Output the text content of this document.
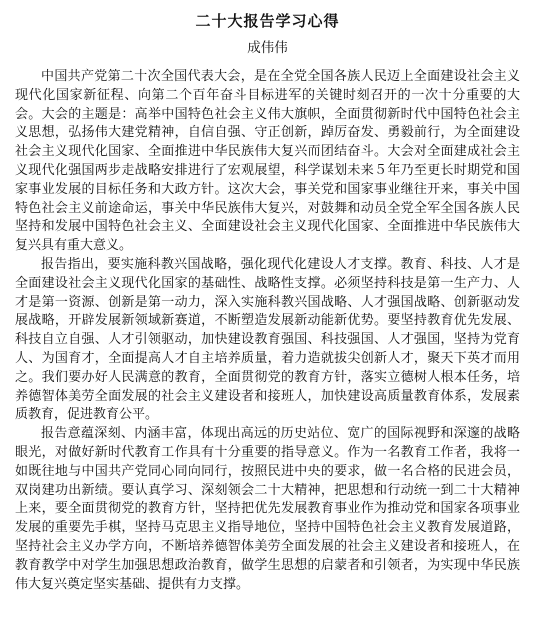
二十大报告学习心得
成伟伟

中国共产党第二十次全国代表大会，是在全党全国各族人民迈上全面建设社会主义现代化国家新征程、向第二个百年奋斗目标进军的关键时刻召开的一次十分重要的大会。大会的主题是：高举中国特色社会主义伟大旗帜，全面贯彻新时代中国特色社会主义思想，弘扬伟大建党精神，自信自强、守正创新，踔厉奋发、勇毅前行，为全面建设社会主义现代化国家、全面推进中华民族伟大复兴而团结奋斗。大会对全面建成社会主义现代化强国两步走战略安排进行了宏观展望，科学谋划未来５年乃至更长时期党和国家事业发展的目标任务和大政方针。这次大会，事关党和国家事业继往开来，事关中国特色社会主义前途命运，事关中华民族伟大复兴，对鼓舞和动员全党全军全国各族人民坚持和发展中国特色社会主义、全面建设社会主义现代化国家、全面推进中华民族伟大复兴具有重大意义。

报告指出，要实施科教兴国战略，强化现代化建设人才支撑。教育、科技、人才是全面建设社会主义现代化国家的基础性、战略性支撑。必须坚持科技是第一生产力、人才是第一资源、创新是第一动力，深入实施科教兴国战略、人才强国战略、创新驱动发展战略，开辟发展新领域新赛道，不断塑造发展新动能新优势。要坚持教育优先发展、科技自立自强、人才引领驱动，加快建设教育强国、科技强国、人才强国，坚持为党育人、为国育才，全面提高人才自主培养质量，着力造就拔尖创新人才，聚天下英才而用之。我们要办好人民满意的教育，全面贯彻党的教育方针，落实立德树人根本任务，培养德智体美劳全面发展的社会主义建设者和接班人，加快建设高质量教育体系，发展素质教育，促进教育公平。

报告意蕴深刻、内涵丰富，体现出高远的历史站位、宽广的国际视野和深邃的战略眼光，对做好新时代教育工作具有十分重要的指导意义。作为一名教育工作者，我将一如既往地与中国共产党同心同向同行，按照民进中央的要求，做一名合格的民进会员，双岗建功出新绩。要认真学习、深刻领会二十大精神，把思想和行动统一到二十大精神上来，要全面贯彻党的教育方针，坚持把优先发展教育事业作为推动党和国家各项事业发展的重要先手棋，坚持马克思主义指导地位，坚持中国特色社会主义教育发展道路，坚持社会主义办学方向，不断培养德智体美劳全面发展的社会主义建设者和接班人，在教育教学中对学生加强思想政治教育，做学生思想的启蒙者和引领者，为实现中华民族伟大复兴奠定坚实基础、提供有力支撑。
